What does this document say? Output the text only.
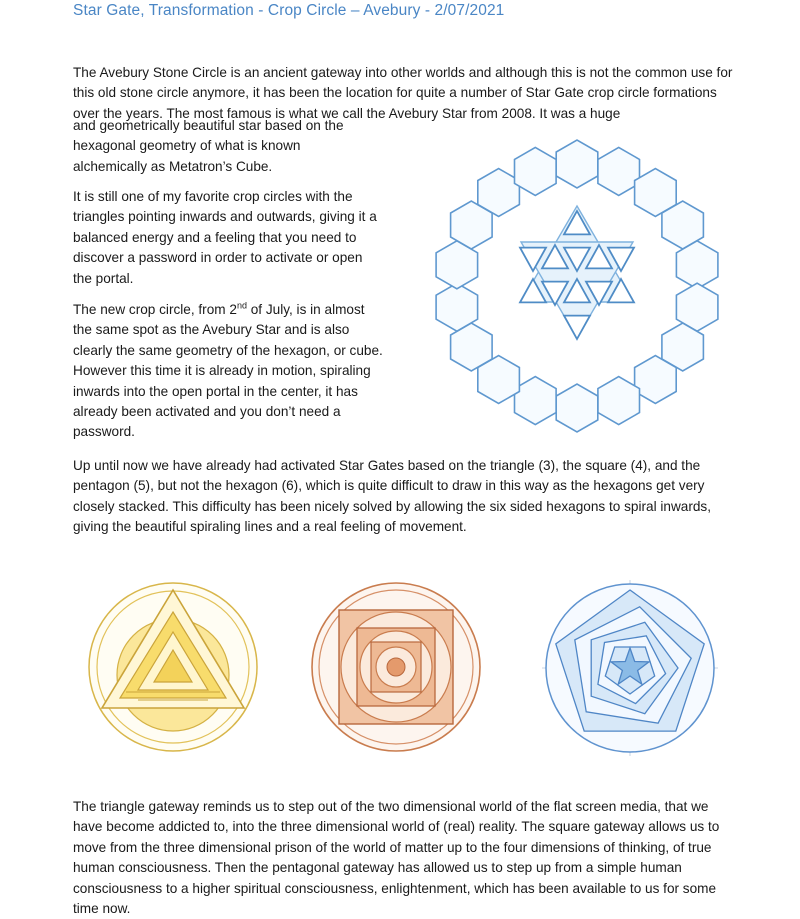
Star Gate, Transformation - Crop Circle – Avebury - 2/07/2021

The Avebury Stone Circle is an ancient gateway into other worlds and although this is not the common use for this old stone circle anymore, it has been the location for quite a number of Star Gate crop circle formations over the years. The most famous is what we call the Avebury Star from 2008. It was a huge

and geometrically beautiful star based on the hexagonal geometry of what is known alchemically as Metatron’s Cube.

It is still one of my favorite crop circles with the triangles pointing inwards and outwards, giving it a balanced energy and a feeling that you need to discover a password in order to activate or open the portal.

The new crop circle, from 2nd of July, is in almost the same spot as the Avebury Star and is also clearly the same geometry of the hexagon, or cube. However this time it is already in motion, spiraling inwards into the open portal in the center, it has already been activated and you don’t need a password.

Up until now we have already had activated Star Gates based on the triangle (3), the square (4), and the pentagon (5), but not the hexagon (6), which is quite difficult to draw in this way as the hexagons get very closely stacked. This difficulty has been nicely solved by allowing the six sided hexagons to spiral inwards, giving the beautiful spiraling lines and a real feeling of movement.

The triangle gateway reminds us to step out of the two dimensional world of the flat screen media, that we have become addicted to, into the three dimensional world of (real) reality. The square gateway allows us to move from the three dimensional prison of the world of matter up to the four dimensions of thinking, of true human consciousness. Then the pentagonal gateway has allowed us to step up from a simple human consciousness to a higher spiritual consciousness, enlightenment, which has been available to us for some time now.
